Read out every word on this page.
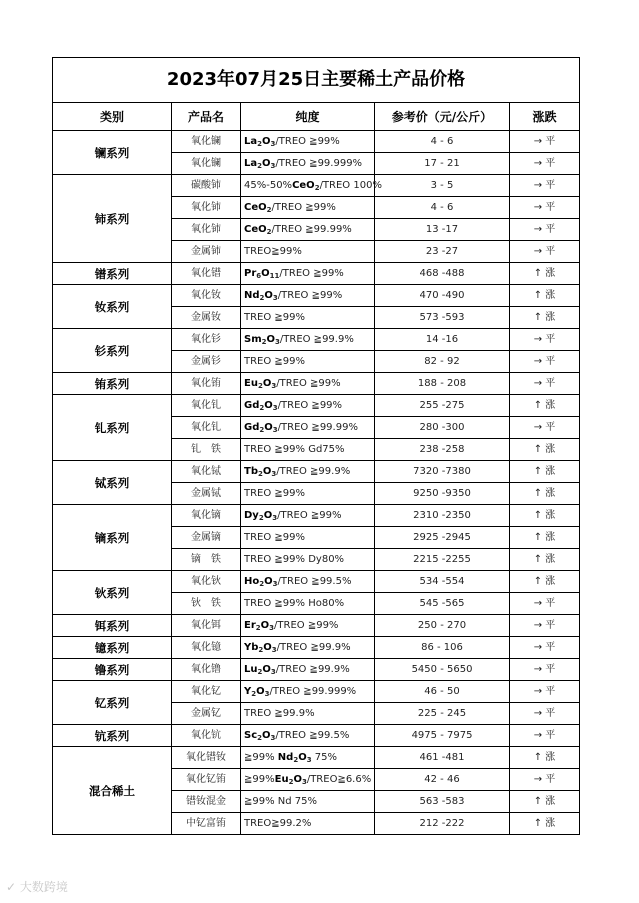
2023年07月25日主要稀土产品价格				
类别	产品名	纯度	参考价（元/公斤）	涨跌
镧系列	氧化镧	$La_2O_3$/TREO ≧99%	4 - 6	→ 平
	氧化镧	$La_2O_3$/TREO ≧99.999%	17 - 21	→ 平
铈系列	碳酸铈	45%-50%CeO$_2$/TREO 100%	3 - 5	→ 平
	氧化铈	CeO$_2$/TREO ≧99%	4 - 6	→ 平
	氧化铈	CeO$_2$/TREO ≧99.99%	13 -17	→ 平
	金属铈	TREO≧99%	23 -27	→ 平
镨系列	氧化镨	$Pr_6O_{11}$/TREO ≧99%	468 -488	↑ 涨
钕系列	氧化钕	$Nd_2O_3$/TREO ≧99%	470 -490	↑ 涨
	金属钕	TREO ≧99%	573 -593	↑ 涨
钐系列	氧化钐	$Sm_2O_3$/TREO ≧99.9%	14 -16	→ 平
	金属钐	TREO ≧99%	82 - 92	→ 平
铕系列	氧化铕	$Eu_2O_3$/TREO ≧99%	188 - 208	→ 平
钆系列	氧化钆	$Gd_2O_3$/TREO ≧99%	255 -275	↑ 涨
	氧化钆	$Gd_2O_3$/TREO ≧99.99%	280 -300	→ 平
	钆　铁	TREO ≧99% Gd75%	238 -258	↑ 涨
铽系列	氧化铽	$Tb_2O_3$/TREO ≧99.9%	7320 -7380	↑ 涨
	金属铽	TREO ≧99%	9250 -9350	↑ 涨
镝系列	氧化镝	$Dy_2O_3$/TREO ≧99%	2310 -2350	↑ 涨
	金属镝	TREO ≧99%	2925 -2945	↑ 涨
	镝　铁	TREO ≧99% Dy80%	2215 -2255	↑ 涨
钬系列	氧化钬	$Ho_2O_3$/TREO ≧99.5%	534 -554	↑ 涨
	钬　铁	TREO ≧99% Ho80%	545 -565	→ 平
铒系列	氧化铒	$Er_2O_3$/TREO ≧99%	250 - 270	→ 平
镱系列	氧化镱	$Yb_2O_3$/TREO ≧99.9%	86 - 106	→ 平
镥系列	氧化镥	$Lu_2O_3$/TREO ≧99.9%	5450 - 5650	→ 平
钇系列	氧化钇	$Y_2O_3$/TREO ≧99.999%	46 - 50	→ 平
	金属钇	TREO ≧99.9%	225 - 245	→ 平
钪系列	氧化钪	$Sc_2O_3$/TREO ≧99.5%	4975 - 7975	→ 平
混合稀土	氧化镨钕	≧99% $Nd_2O_3$ 75%	461 -481	↑ 涨
	氧化钇铕	$≧99\%Eu_2O_3/TREO≧6.6\%$	42 - 46	→ 平
	镨钕混金	≧99% Nd 75%	563 -583	↑ 涨
	中钇富铕	TREO≧99.2%	212 -222	↑ 涨
✓ 大数跨境
